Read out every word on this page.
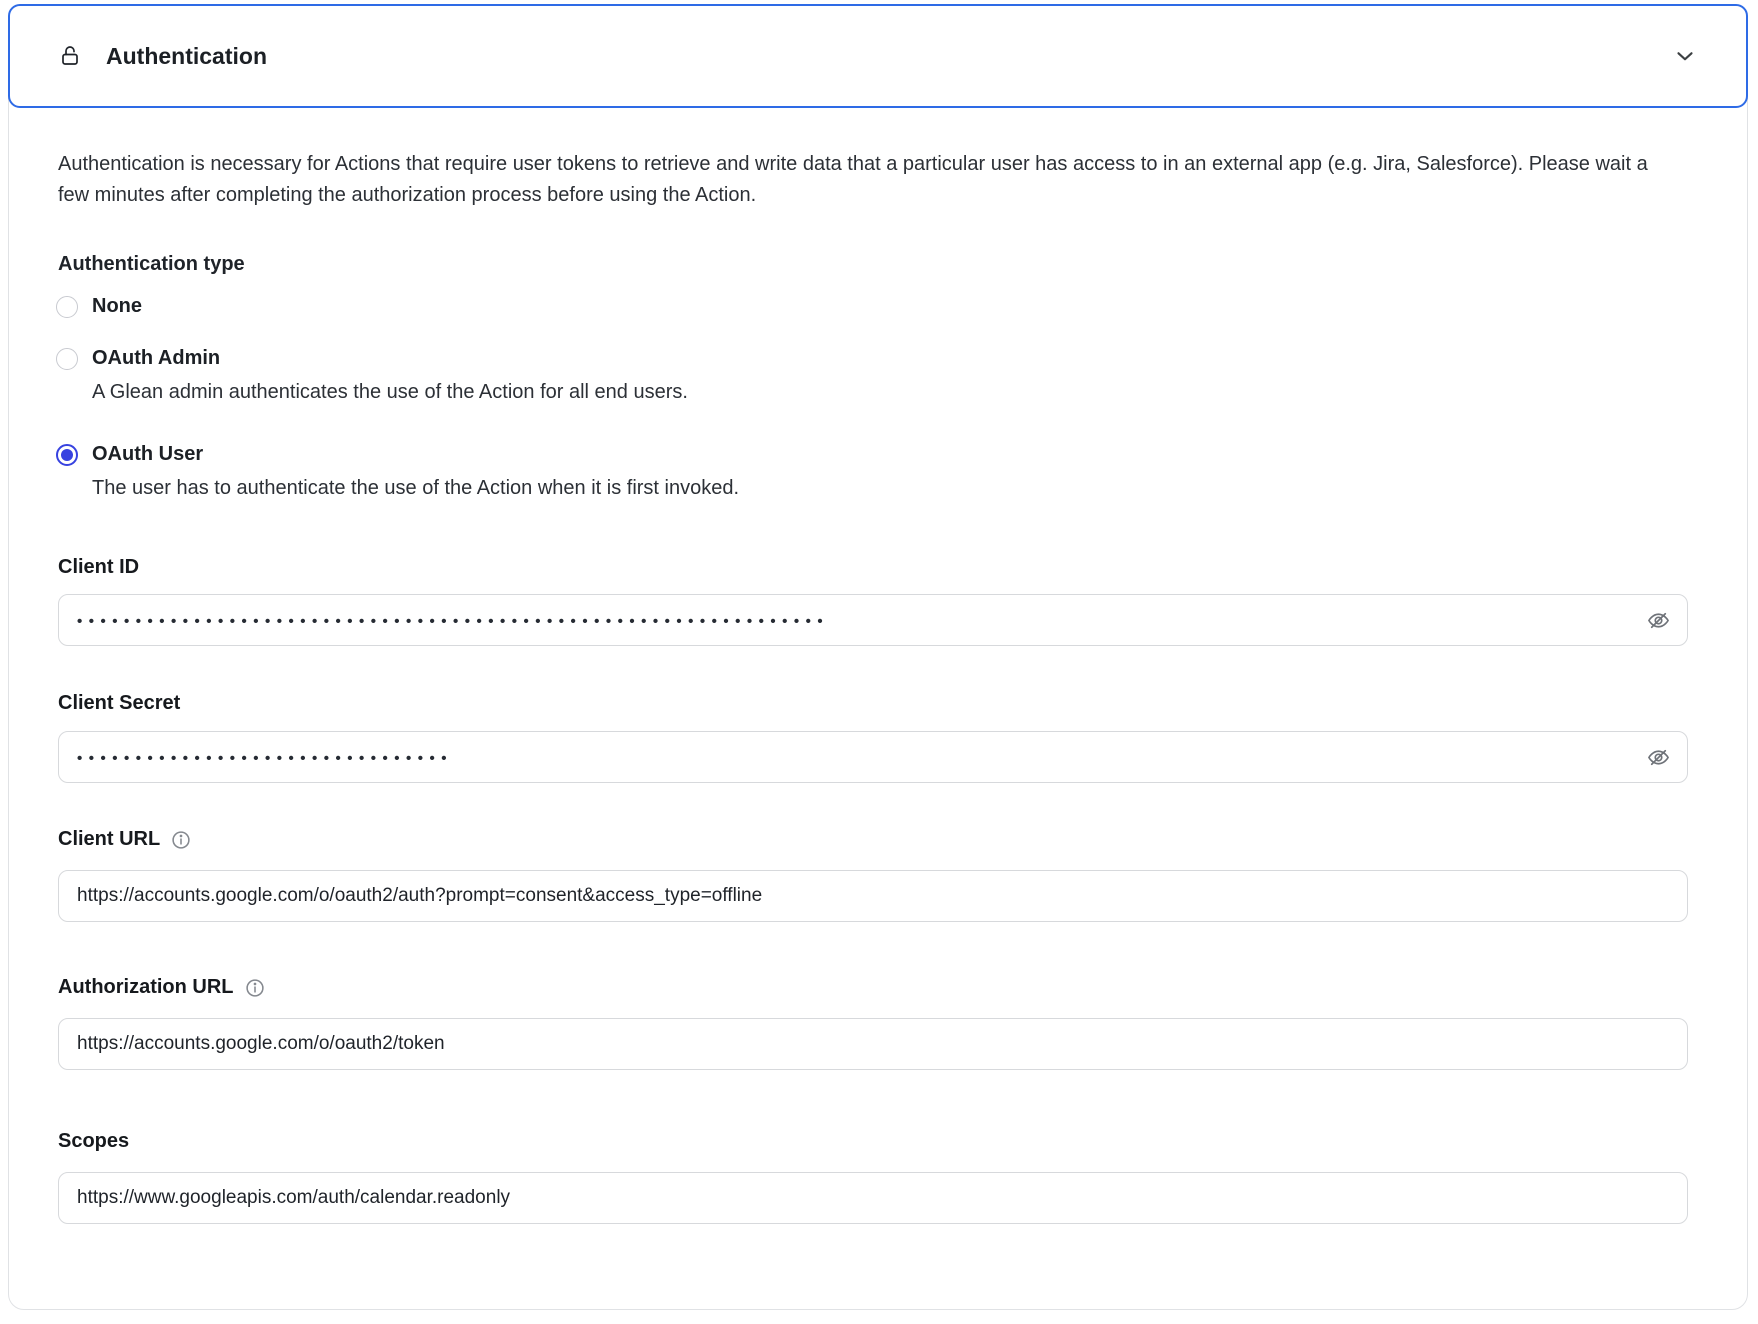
Authentication
Authentication is necessary for Actions that require user tokens to retrieve and write data that a particular user has access to in an external app (e.g. Jira, Salesforce). Please wait a few minutes after completing the authorization process before using the Action.
Authentication type
None
OAuth Admin
A Glean admin authenticates the use of the Action for all end users.
OAuth User
The user has to authenticate the use of the Action when it is first invoked.
Client ID
••••••••••••••••••••••••••••••••••••••••••••••••••••••••••••••••
Client Secret
••••••••••••••••••••••••••••••••
Client URL
https://accounts.google.com/o/oauth2/auth?prompt=consent&access_type=offline
Authorization URL
https://accounts.google.com/o/oauth2/token
Scopes
https://www.googleapis.com/auth/calendar.readonly
